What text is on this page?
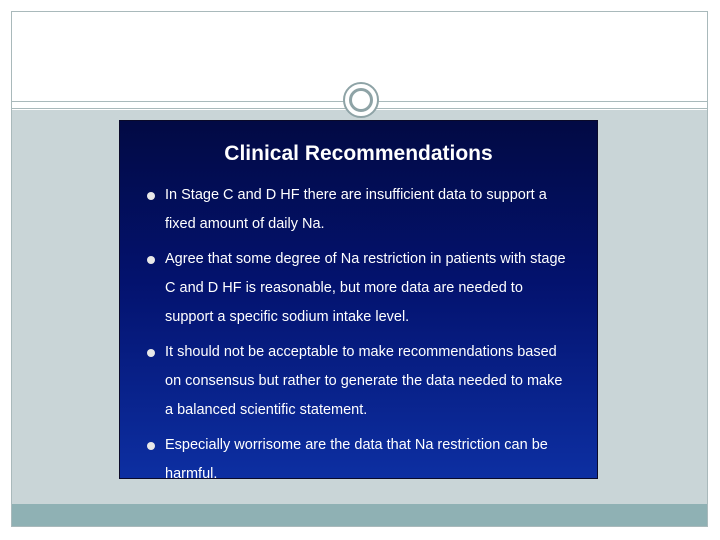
Clinical Recommendations
In Stage C and D HF there are insufficient data to support a fixed amount of daily Na.
Agree that some degree of Na restriction in patients with stage C and D HF is reasonable, but more data are needed to support a specific sodium intake level.
It should not be acceptable to make recommendations based on consensus but rather to generate the data needed to make a balanced scientific statement.
Especially worrisome are the data that Na restriction can be harmful.
